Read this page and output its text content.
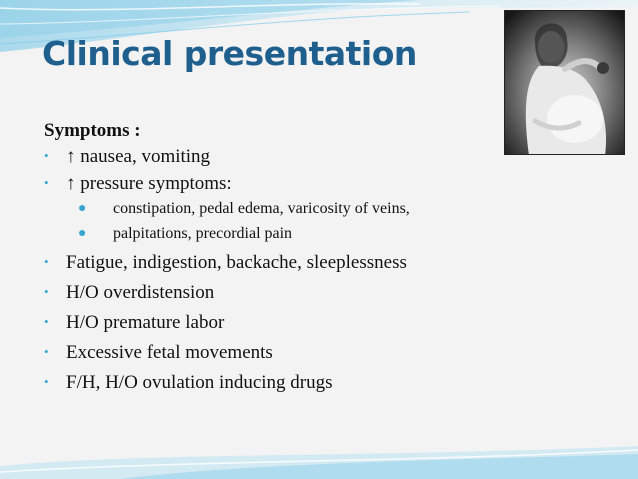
Clinical presentation
Symptoms :
• ↑ nausea, vomiting
• ↑ pressure symptoms:
● constipation, pedal edema, varicosity of veins,
● palpitations, precordial pain
• Fatigue, indigestion, backache, sleeplessness
• H/O overdistension
• H/O premature labor
• Excessive fetal movements
• F/H, H/O ovulation inducing drugs
